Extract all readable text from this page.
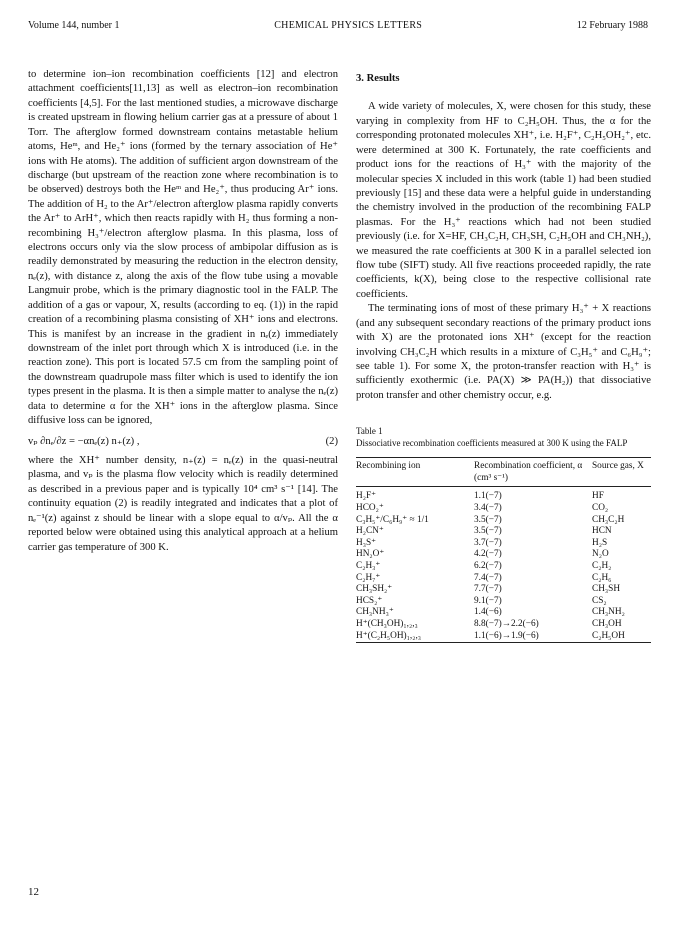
Volume 144, number 1	CHEMICAL PHYSICS LETTERS	12 February 1988

to determine ion–ion recombination coefficients [12] and electron attachment coefficients[11,13] as well as electron–ion recombination coefficients [4,5]. For the last mentioned studies, a microwave discharge is created upstream in flowing helium carrier gas at a pressure of about 1 Torr. The afterglow formed downstream contains metastable helium atoms, Heᵐ, and He₂⁺ ions (formed by the ternary association of He⁺ ions with He atoms). The addition of sufficient argon downstream of the discharge (but upstream of the reaction zone where recombination is to be observed) destroys both the Heᵐ and He₂⁺, thus producing Ar⁺ ions. The addition of H₂ to the Ar⁺/electron afterglow plasma rapidly converts the Ar⁺ to ArH⁺, which then reacts rapidly with H₂ thus forming a non-recombining H₃⁺/electron afterglow plasma. In this plasma, loss of electrons occurs only via the slow process of ambipolar diffusion as is readily demonstrated by measuring the reduction in the electron density, nₑ(z), with distance z, along the axis of the flow tube using a movable Langmuir probe, which is the primary diagnostic tool in the FALP. The addition of a gas or vapour, X, results (according to eq. (1)) in the rapid creation of a recombining plasma consisting of XH⁺ ions and electrons. This is manifest by an increase in the gradient in nₑ(z) immediately downstream of the inlet port through which X is introduced (i.e. in the reaction zone). This port is located 57.5 cm from the sampling point of the downstream quadrupole mass filter which is used to identify the ion types present in the plasma. It is then a simple matter to analyse the nₑ(z) data to determine α for the XH⁺ ions in the afterglow plasma. Since diffusive loss can be ignored,

vₚ ∂nₑ/∂z = −αnₑ(z) n₊(z) ,	(2)

where the XH⁺ number density, n₊(z) = nₑ(z) in the quasi-neutral plasma, and vₚ is the plasma flow velocity which is readily determined as described in a previous paper and is typically 10⁴ cm³ s⁻¹ [14]. The continuity equation (2) is readily integrated and indicates that a plot of nₑ⁻¹(z) against z should be linear with a slope equal to α/vₚ. All the α reported below were obtained using this analytical approach at a helium carrier gas temperature of 300 K.

3. Results

A wide variety of molecules, X, were chosen for this study, these varying in complexity from HF to C₂H₅OH. Thus, the α for the corresponding protonated molecules XH⁺, i.e. H₂F⁺, C₂H₅OH₂⁺, etc. were determined at 300 K. Fortunately, the rate coefficients and product ions for the reactions of H₃⁺ with the majority of the molecular species X included in this work (table 1) had been studied previously [15] and these data were a helpful guide in understanding the chemistry involved in the production of the recombining FALP plasmas. For the H₃⁺ reactions which had not been studied previously (i.e. for X=HF, CH₃C₂H, CH₃SH, C₂H₅OH and CH₃NH₂), we measured the rate coefficients at 300 K in a parallel selected ion flow tube (SIFT) study. All five reactions proceeded rapidly, the rate coefficients, k(X), being close to the respective collisional rate coefficients.

The terminating ions of most of these primary H₃⁺ + X reactions (and any subsequent secondary reactions of the primary product ions with X) are the protonated ions XH⁺ (except for the reaction involving CH₃C₂H which results in a mixture of C₃H₅⁺ and C₆H₉⁺; see table 1). For some X, the proton-transfer reaction with H₃⁺ is sufficiently exothermic (i.e. PA(X) ≫ PA(H₂)) that dissociative proton transfer and other chemistry occur, e.g.

Table 1

Dissociative recombination coefficients measured at 300 K using the FALP

Recombining ion	Recombination coefficient, α (cm³ s⁻¹)	Source gas, X
H₂F⁺	1.1(−7)	HF
HCO₂⁺	3.4(−7)	CO₂
C₃H₅⁺/C₆H₉⁺ ≈ 1/1	3.5(−7)	CH₃C₂H
H₂CN⁺	3.5(−7)	HCN
H₃S⁺	3.7(−7)	H₂S
HN₂O⁺	4.2(−7)	N₂O
C₂H₃⁺	6.2(−7)	C₂H₂
C₂H₇⁺	7.4(−7)	C₂H₆
CH₃SH₂⁺	7.7(−7)	CH₃SH
HCS₂⁺	9.1(−7)	CS₂
CH₃NH₃⁺	1.4(−6)	CH₃NH₂
H⁺(CH₃OH)₁,₂,₃	8.8(−7)→2.2(−6)	CH₃OH
H⁺(C₂H₅OH)₁,₂,₃	1.1(−6)→1.9(−6)	C₂H₅OH
12
